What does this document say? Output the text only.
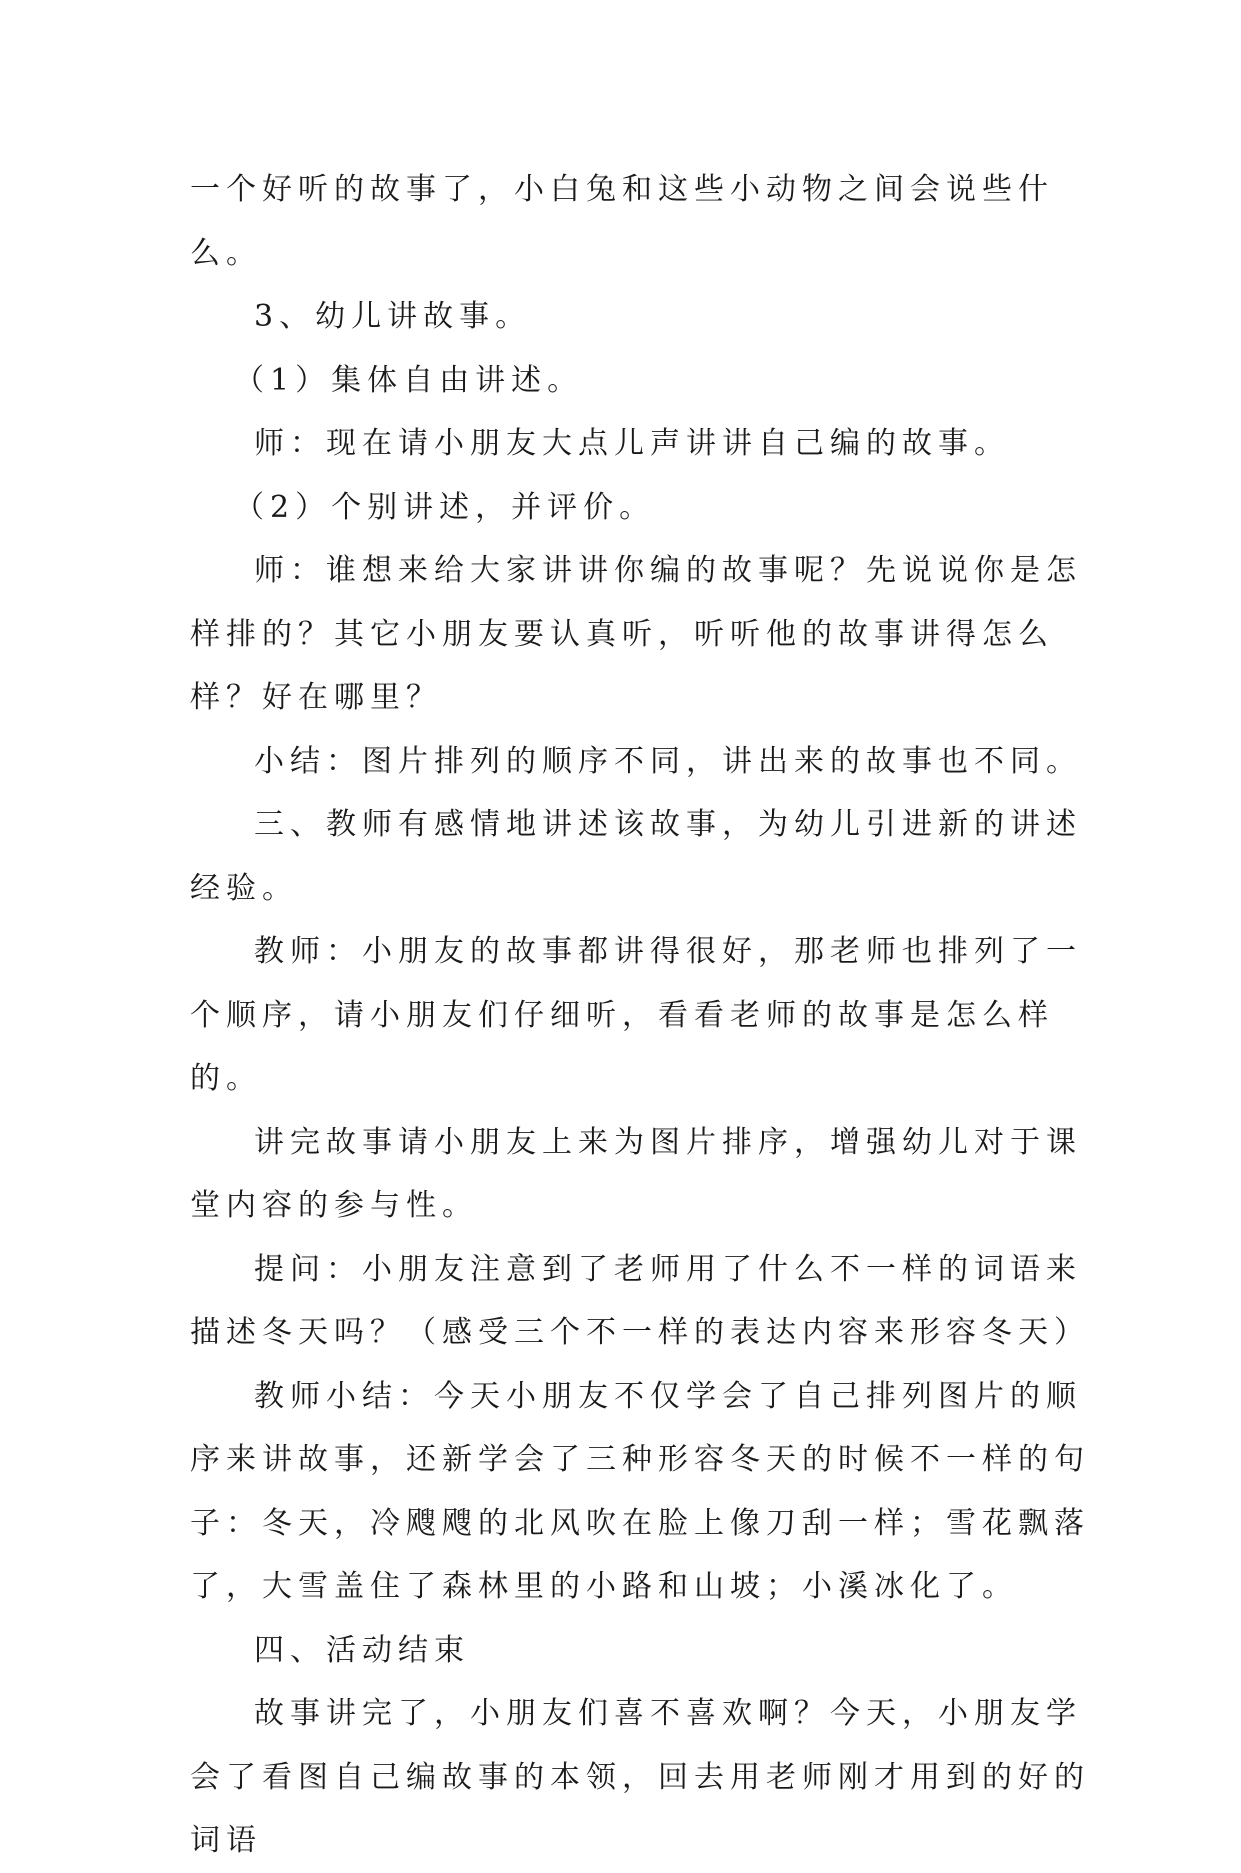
一个好听的故事了，小白兔和这些小动物之间会说些什么。

3、幼儿讲故事。

（1）集体自由讲述。

师：现在请小朋友大点儿声讲讲自己编的故事。

（2）个别讲述，并评价。

师：谁想来给大家讲讲你编的故事呢？先说说你是怎样排的？其它小朋友要认真听，听听他的故事讲得怎么样？好在哪里？

小结：图片排列的顺序不同，讲出来的故事也不同。

三、教师有感情地讲述该故事，为幼儿引进新的讲述经验。

教师：小朋友的故事都讲得很好，那老师也排列了一个顺序，请小朋友们仔细听，看看老师的故事是怎么样的。

讲完故事请小朋友上来为图片排序，增强幼儿对于课堂内容的参与性。

提问：小朋友注意到了老师用了什么不一样的词语来描述冬天吗？（感受三个不一样的表达内容来形容冬天）

教师小结：今天小朋友不仅学会了自己排列图片的顺序来讲故事，还新学会了三种形容冬天的时候不一样的句子：冬天，冷飕飕的北风吹在脸上像刀刮一样；雪花飘落了，大雪盖住了森林里的小路和山坡；小溪冰化了。

四、活动结束

故事讲完了，小朋友们喜不喜欢啊？今天，小朋友学会了看图自己编故事的本领，回去用老师刚才用到的好的词语
